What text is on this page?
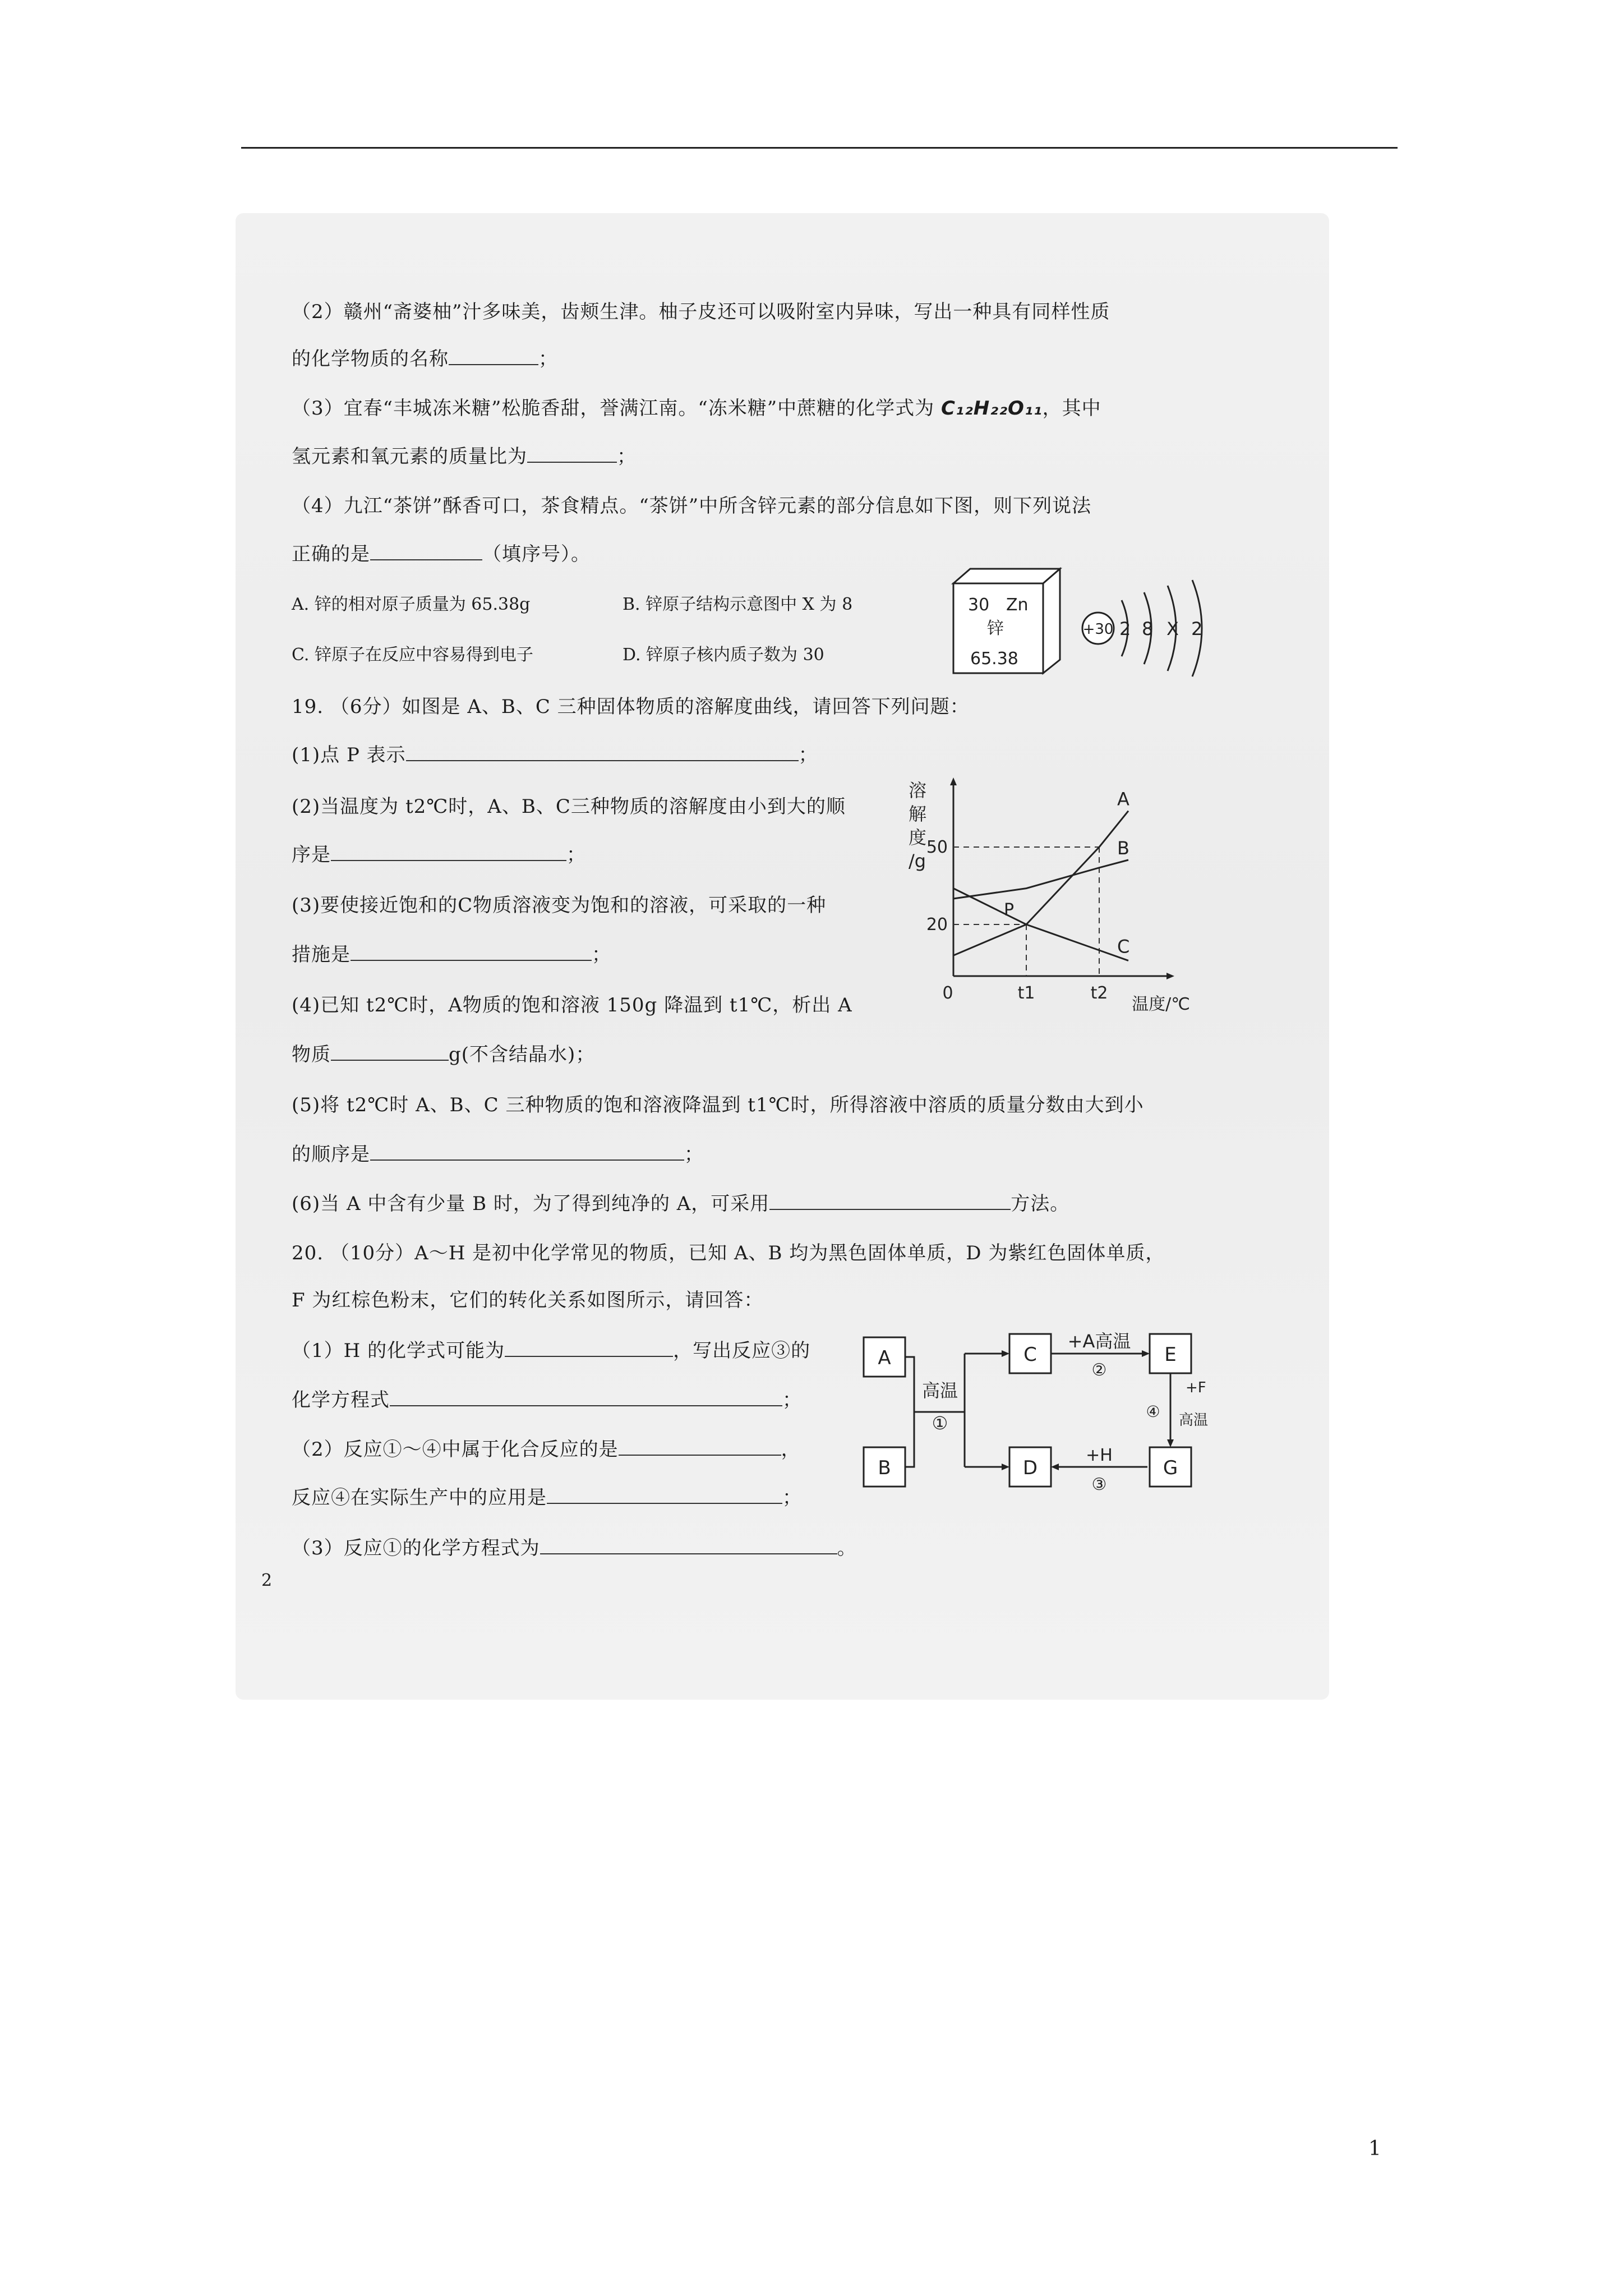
（2）赣州“斋婆柚”汁多味美，齿颊生津。柚子皮还可以吸附室内异味，写出一种具有同样性质
的化学物质的名称	；
（3）宜春“丰城冻米糖”松脆香甜，誉满江南。“冻米糖”中蔗糖的化学式为 C₁₂H₂₂O₁₁，其中
氢元素和氧元素的质量比为	；
（4）九江“茶饼”酥香可口，茶食精点。“茶饼”中所含锌元素的部分信息如下图，则下列说法
正确的是	（填序号）。
A. 锌的相对原子质量为 65.38g	B. 锌原子结构示意图中 X 为 8
C. 锌原子在反应中容易得到电子	D. 锌原子核内质子数为 30
30 Zn
锌
65.38
+30 2 8 X 2
19. （6分）如图是 A、B、C 三种固体物质的溶解度曲线，请回答下列问题：
(1)点 P 表示	；
(2)当温度为 t2℃时，A、B、C三种物质的溶解度由小到大的顺
序是	；
(3)要使接近饱和的C物质溶液变为饱和的溶液，可采取的一种
措施是	；
(4)已知 t2℃时，A物质的饱和溶液 150g 降温到 t1℃，析出 A
物质	g(不含结晶水)；
(5)将 t2℃时 A、B、C 三种物质的饱和溶液降温到 t1℃时，所得溶液中溶质的质量分数由大到小
的顺序是	；
(6)当 A 中含有少量 B 时，为了得到纯净的 A，可采用	方法。
溶
解
度
/g
温度/℃
50
20
0	t1	t2
A
B
C
P
20. （10分）A～H 是初中化学常见的物质，已知 A、B 均为黑色固体单质，D 为紫红色固体单质，
F 为红棕色粉末，它们的转化关系如图所示，请回答：
（1）H 的化学式可能为	，写出反应③的
化学方程式	；
（2）反应①～④中属于化合反应的是	，
反应④在实际生产中的应用是	；
（3）反应①的化学方程式为	。
A
B
C
D
E
G
高温
①
+A高温
②
④
+F
高温
+H
③
2
1
